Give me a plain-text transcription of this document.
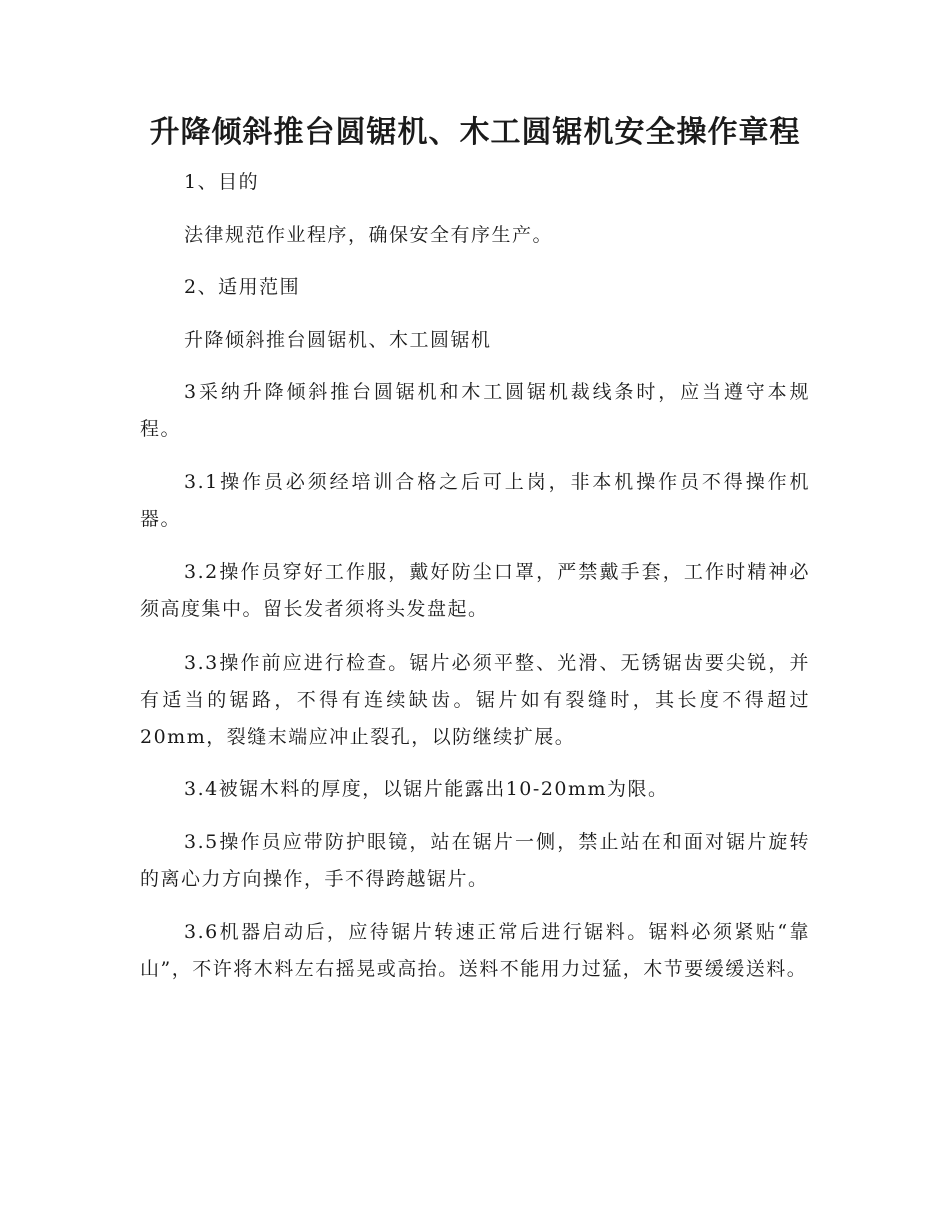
升降倾斜推台圆锯机、木工圆锯机安全操作章程

1、目的

法律规范作业程序，确保安全有序生产。

2、适用范围

升降倾斜推台圆锯机、木工圆锯机

3采纳升降倾斜推台圆锯机和木工圆锯机裁线条时，应当遵守本规程。

3.1操作员必须经培训合格之后可上岗，非本机操作员不得操作机器。

3.2操作员穿好工作服，戴好防尘口罩，严禁戴手套，工作时精神必须高度集中。留长发者须将头发盘起。

3.3操作前应进行检查。锯片必须平整、光滑、无锈锯齿要尖锐，并有适当的锯路，不得有连续缺齿。锯片如有裂缝时，其长度不得超过20mm，裂缝末端应冲止裂孔，以防继续扩展。

3.4被锯木料的厚度，以锯片能露出10-20mm为限。

3.5操作员应带防护眼镜，站在锯片一侧，禁止站在和面对锯片旋转的离心力方向操作，手不得跨越锯片。

3.6机器启动后，应待锯片转速正常后进行锯料。锯料必须紧贴“靠山”，不许将木料左右摇晃或高抬。送料不能用力过猛，木节要缓缓送料。
